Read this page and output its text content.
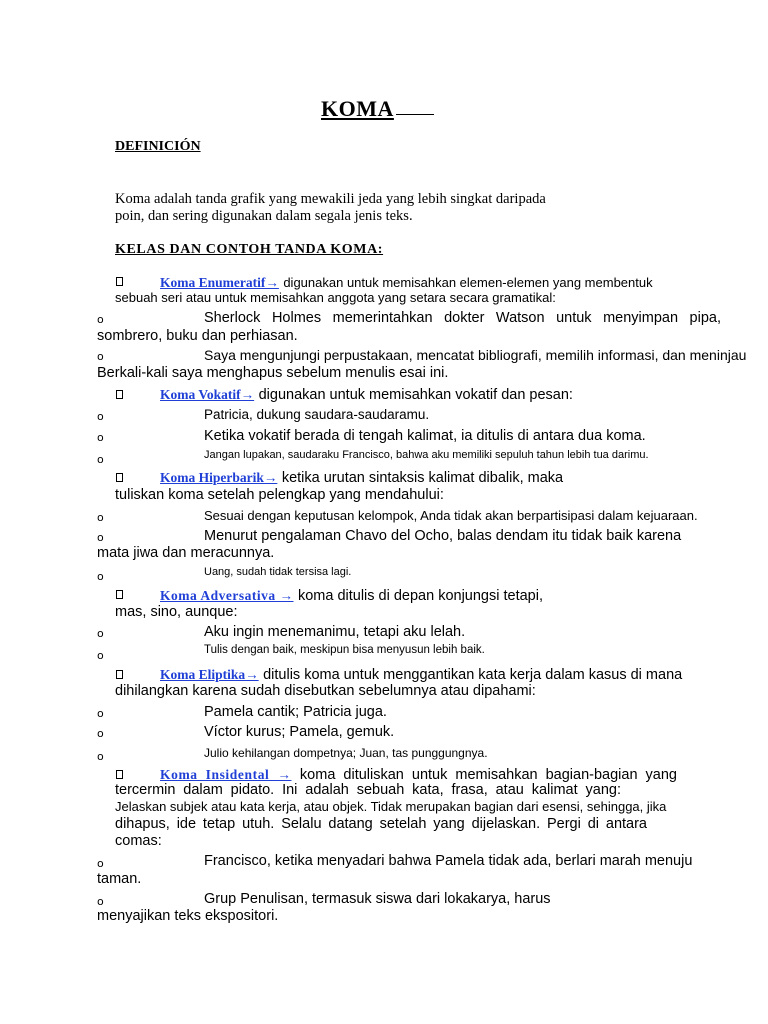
KOMA
DEFINICIÓN
Koma adalah tanda grafik yang mewakili jeda yang lebih singkat daripada
poin, dan sering digunakan dalam segala jenis teks.
KELAS DAN CONTOH TANDA KOMA:
Koma Enumeratif→ digunakan untuk memisahkan elemen-elemen yang membentuk
sebuah seri atau untuk memisahkan anggota yang setara secara gramatikal:
o	Sherlock Holmes memerintahkan dokter Watson untuk menyimpan pipa,
sombrero, buku dan perhiasan.
o	Saya mengunjungi perpustakaan, mencatat bibliografi, memilih informasi, dan meninjau
Berkali-kali saya menghapus sebelum menulis esai ini.
Koma Vokatif→ digunakan untuk memisahkan vokatif dan pesan:
o	Patricia, dukung saudara-saudaramu.
o	Ketika vokatif berada di tengah kalimat, ia ditulis di antara dua koma.
o	Jangan lupakan, saudaraku Francisco, bahwa aku memiliki sepuluh tahun lebih tua darimu.
Koma Hiperbarik→ ketika urutan sintaksis kalimat dibalik, maka
tuliskan koma setelah pelengkap yang mendahului:
o	Sesuai dengan keputusan kelompok, Anda tidak akan berpartisipasi dalam kejuaraan.
o	Menurut pengalaman Chavo del Ocho, balas dendam itu tidak baik karena
mata jiwa dan meracunnya.
o	Uang, sudah tidak tersisa lagi.
Koma Adversativa → koma ditulis di depan konjungsi tetapi,
mas, sino, aunque:
o	Aku ingin menemanimu, tetapi aku lelah.
o	Tulis dengan baik, meskipun bisa menyusun lebih baik.
Koma Eliptika→ ditulis koma untuk menggantikan kata kerja dalam kasus di mana
dihilangkan karena sudah disebutkan sebelumnya atau dipahami:
o	Pamela cantik; Patricia juga.
o	Víctor kurus; Pamela, gemuk.
o	Julio kehilangan dompetnya; Juan, tas punggungnya.
Koma Insidental → koma dituliskan untuk memisahkan bagian-bagian yang
tercermin dalam pidato. Ini adalah sebuah kata, frasa, atau kalimat yang:
Jelaskan subjek atau kata kerja, atau objek. Tidak merupakan bagian dari esensi, sehingga, jika
dihapus, ide tetap utuh. Selalu datang setelah yang dijelaskan. Pergi di antara
comas:
o	Francisco, ketika menyadari bahwa Pamela tidak ada, berlari marah menuju
taman.
o	Grup Penulisan, termasuk siswa dari lokakarya, harus
menyajikan teks ekspositori.
